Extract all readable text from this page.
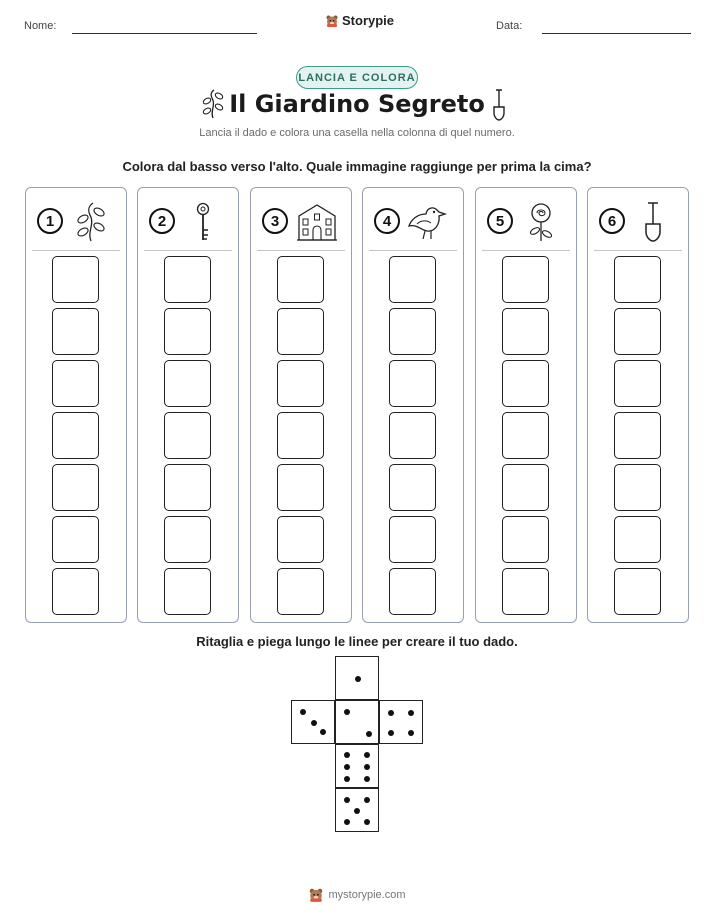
Nome:	Storypie	Data:
LANCIA E COLORA
Il Giardino Segreto
Lancia il dado e colora una casella nella colonna di quel numero.
Colora dal basso verso l'alto. Quale immagine raggiunge per prima la cima?
1	2	3	4	5	6
Ritaglia e piega lungo le linee per creare il tuo dado.
mystorypie.com
